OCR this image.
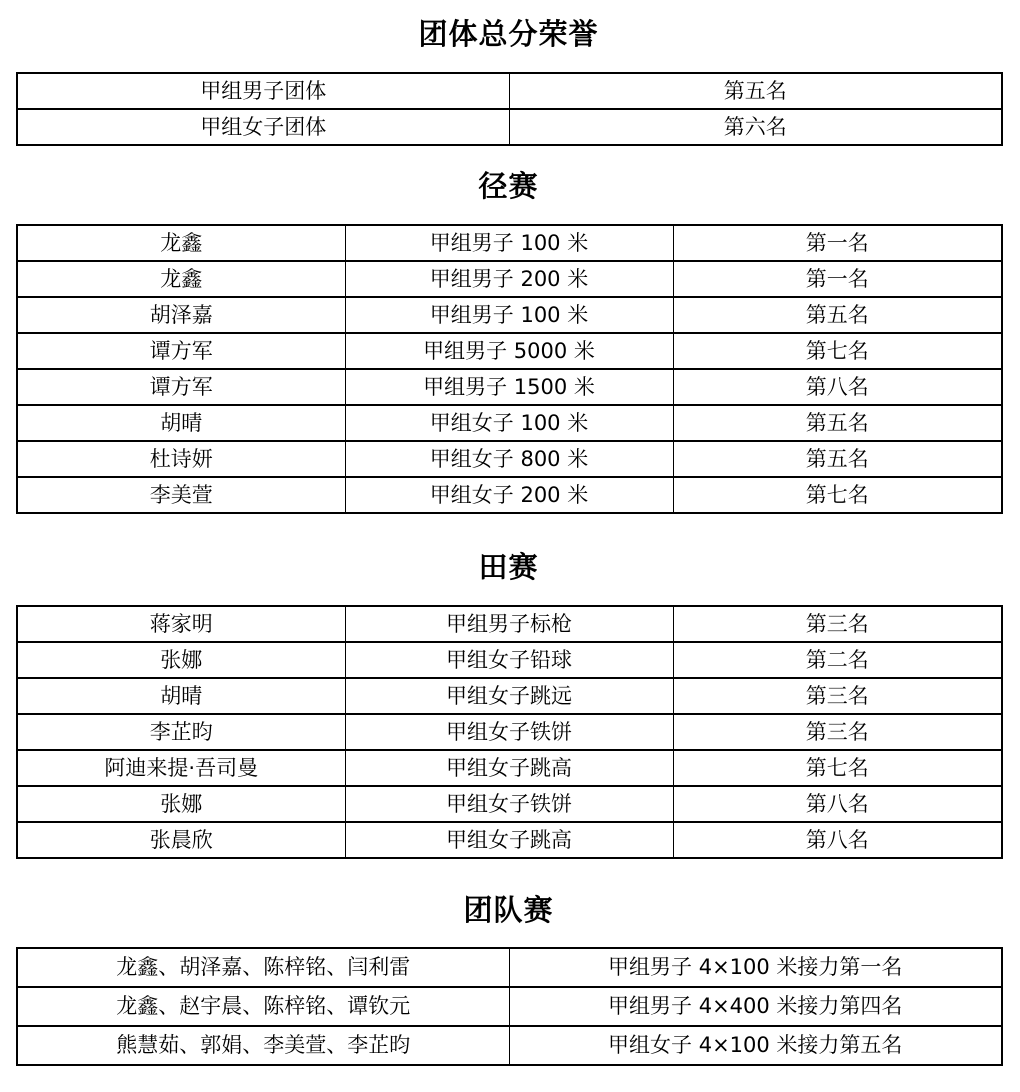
团体总分荣誉
甲组男子团体	第五名
甲组女子团体	第六名
径赛
龙鑫	甲组男子 100 米	第一名
龙鑫	甲组男子 200 米	第一名
胡泽嘉	甲组男子 100 米	第五名
谭方军	甲组男子 5000 米	第七名
谭方军	甲组男子 1500 米	第八名
胡晴	甲组女子 100 米	第五名
杜诗妍	甲组女子 800 米	第五名
李美萱	甲组女子 200 米	第七名
田赛
蒋家明	甲组男子标枪	第三名
张娜	甲组女子铅球	第二名
胡晴	甲组女子跳远	第三名
李芷昀	甲组女子铁饼	第三名
阿迪来提·吾司曼	甲组女子跳高	第七名
张娜	甲组女子铁饼	第八名
张晨欣	甲组女子跳高	第八名
团队赛
龙鑫、胡泽嘉、陈梓铭、闫利雷	甲组男子 4×100 米接力第一名
龙鑫、赵宇晨、陈梓铭、谭钦元	甲组男子 4×400 米接力第四名
熊慧茹、郭娟、李美萱、李芷昀	甲组女子 4×100 米接力第五名
